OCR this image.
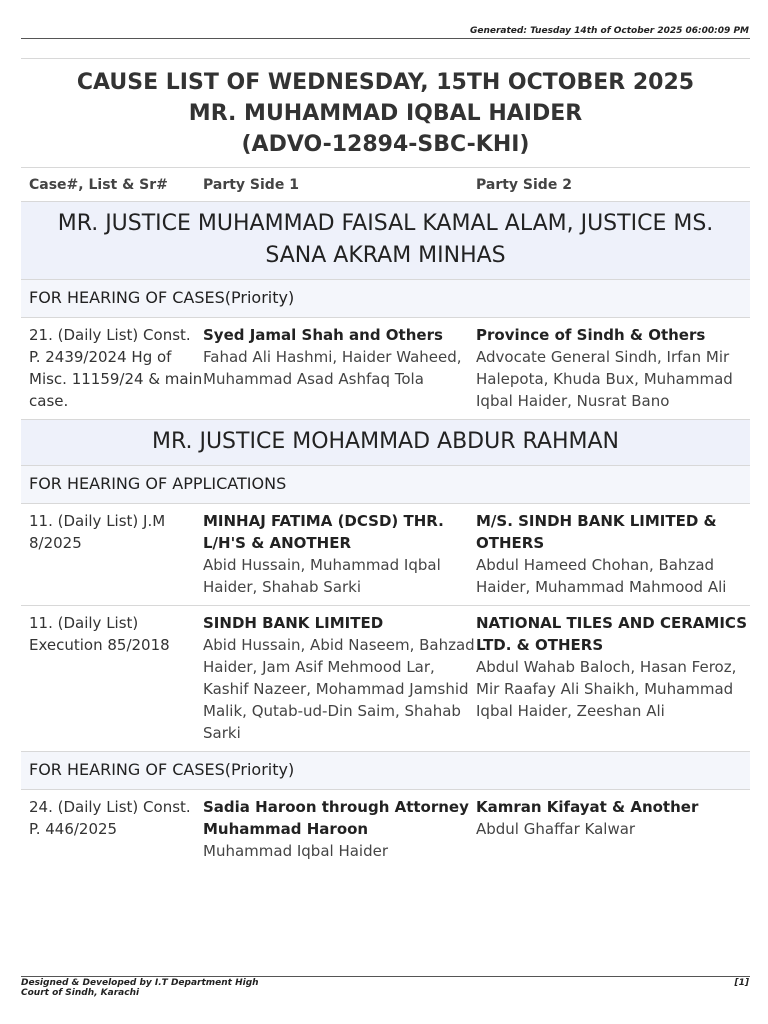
Generated: Tuesday 14th of October 2025 06:00:09 PM
CAUSE LIST OF WEDNESDAY, 15TH OCTOBER 2025
MR. MUHAMMAD IQBAL HAIDER
(ADVO-12894-SBC-KHI)
Case#, List & Sr#	Party Side 1	Party Side 2
MR. JUSTICE MUHAMMAD FAISAL KAMAL ALAM, JUSTICE MS. SANA AKRAM MINHAS
FOR HEARING OF CASES(Priority)
21. (Daily List) Const. P. 2439/2024 Hg of Misc. 11159/24 & main case.
Syed Jamal Shah and Others
Fahad Ali Hashmi, Haider Waheed, Muhammad Asad Ashfaq Tola
Province of Sindh & Others
Advocate General Sindh, Irfan Mir Halepota, Khuda Bux, Muhammad Iqbal Haider, Nusrat Bano
MR. JUSTICE MOHAMMAD ABDUR RAHMAN
FOR HEARING OF APPLICATIONS
11. (Daily List) J.M 8/2025
MINHAJ FATIMA (DCSD) THR. L/H'S & ANOTHER
Abid Hussain, Muhammad Iqbal Haider, Shahab Sarki
M/S. SINDH BANK LIMITED & OTHERS
Abdul Hameed Chohan, Bahzad Haider, Muhammad Mahmood Ali
11. (Daily List) Execution 85/2018
SINDH BANK LIMITED
Abid Hussain, Abid Naseem, Bahzad Haider, Jam Asif Mehmood Lar, Kashif Nazeer, Mohammad Jamshid Malik, Qutab-ud-Din Saim, Shahab Sarki
NATIONAL TILES AND CERAMICS LTD. & OTHERS
Abdul Wahab Baloch, Hasan Feroz, Mir Raafay Ali Shaikh, Muhammad Iqbal Haider, Zeeshan Ali
FOR HEARING OF CASES(Priority)
24. (Daily List) Const. P. 446/2025
Sadia Haroon through Attorney Muhammad Haroon
Muhammad Iqbal Haider
Kamran Kifayat & Another
Abdul Ghaffar Kalwar
Designed & Developed by I.T Department High Court of Sindh, Karachi
[1]
